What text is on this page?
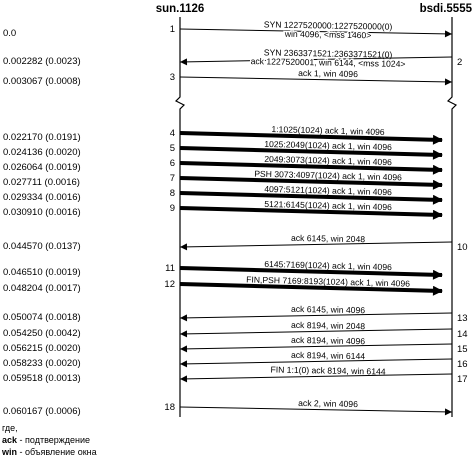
sun.1126	bsdi.5555
0.0	1	SYN 1227520000:1227520000(0)
win 4096, <mss 1460>
0.002282 (0.0023)	2
SYN 2363371521:2363371521(0)
ack 1227520001, win 6144, <mss 1024>
0.003067 (0.0008)	3	ack 1, win 4096
0.022170 (0.0191)	4	1:1025(1024) ack 1, win 4096
0.024136 (0.0020)	5	1025:2049(1024) ack 1, win 4096
0.026064 (0.0019)	6	2049:3073(1024) ack 1, win 4096
0.027711 (0.0016)	7	PSH 3073:4097(1024) ack 1, win 4096
0.029334 (0.0016)	8	4097:5121(1024) ack 1, win 4096
0.030910 (0.0016)	9	5121:6145(1024) ack 1, win 4096
0.044570 (0.0137)	10
ack 6145, win 2048
0.046510 (0.0019)	11	6145:7169(1024) ack 1, win 4096
0.048204 (0.0017)	12	FIN,PSH 7169:8193(1024) ack 1, win 4096
0.050074 (0.0018)	13
ack 6145, win 4096
0.054250 (0.0042)	14
ack 8194, win 2048
0.056215 (0.0020)	15
ack 8194, win 4096
0.058233 (0.0020)	16
ack 8194, win 6144
0.059518 (0.0013)	17
FIN 1:1(0) ack 8194, win 6144
0.060167 (0.0006)	18	ack 2, win 4096
где,
ack - подтверждение
win - объявление окна
